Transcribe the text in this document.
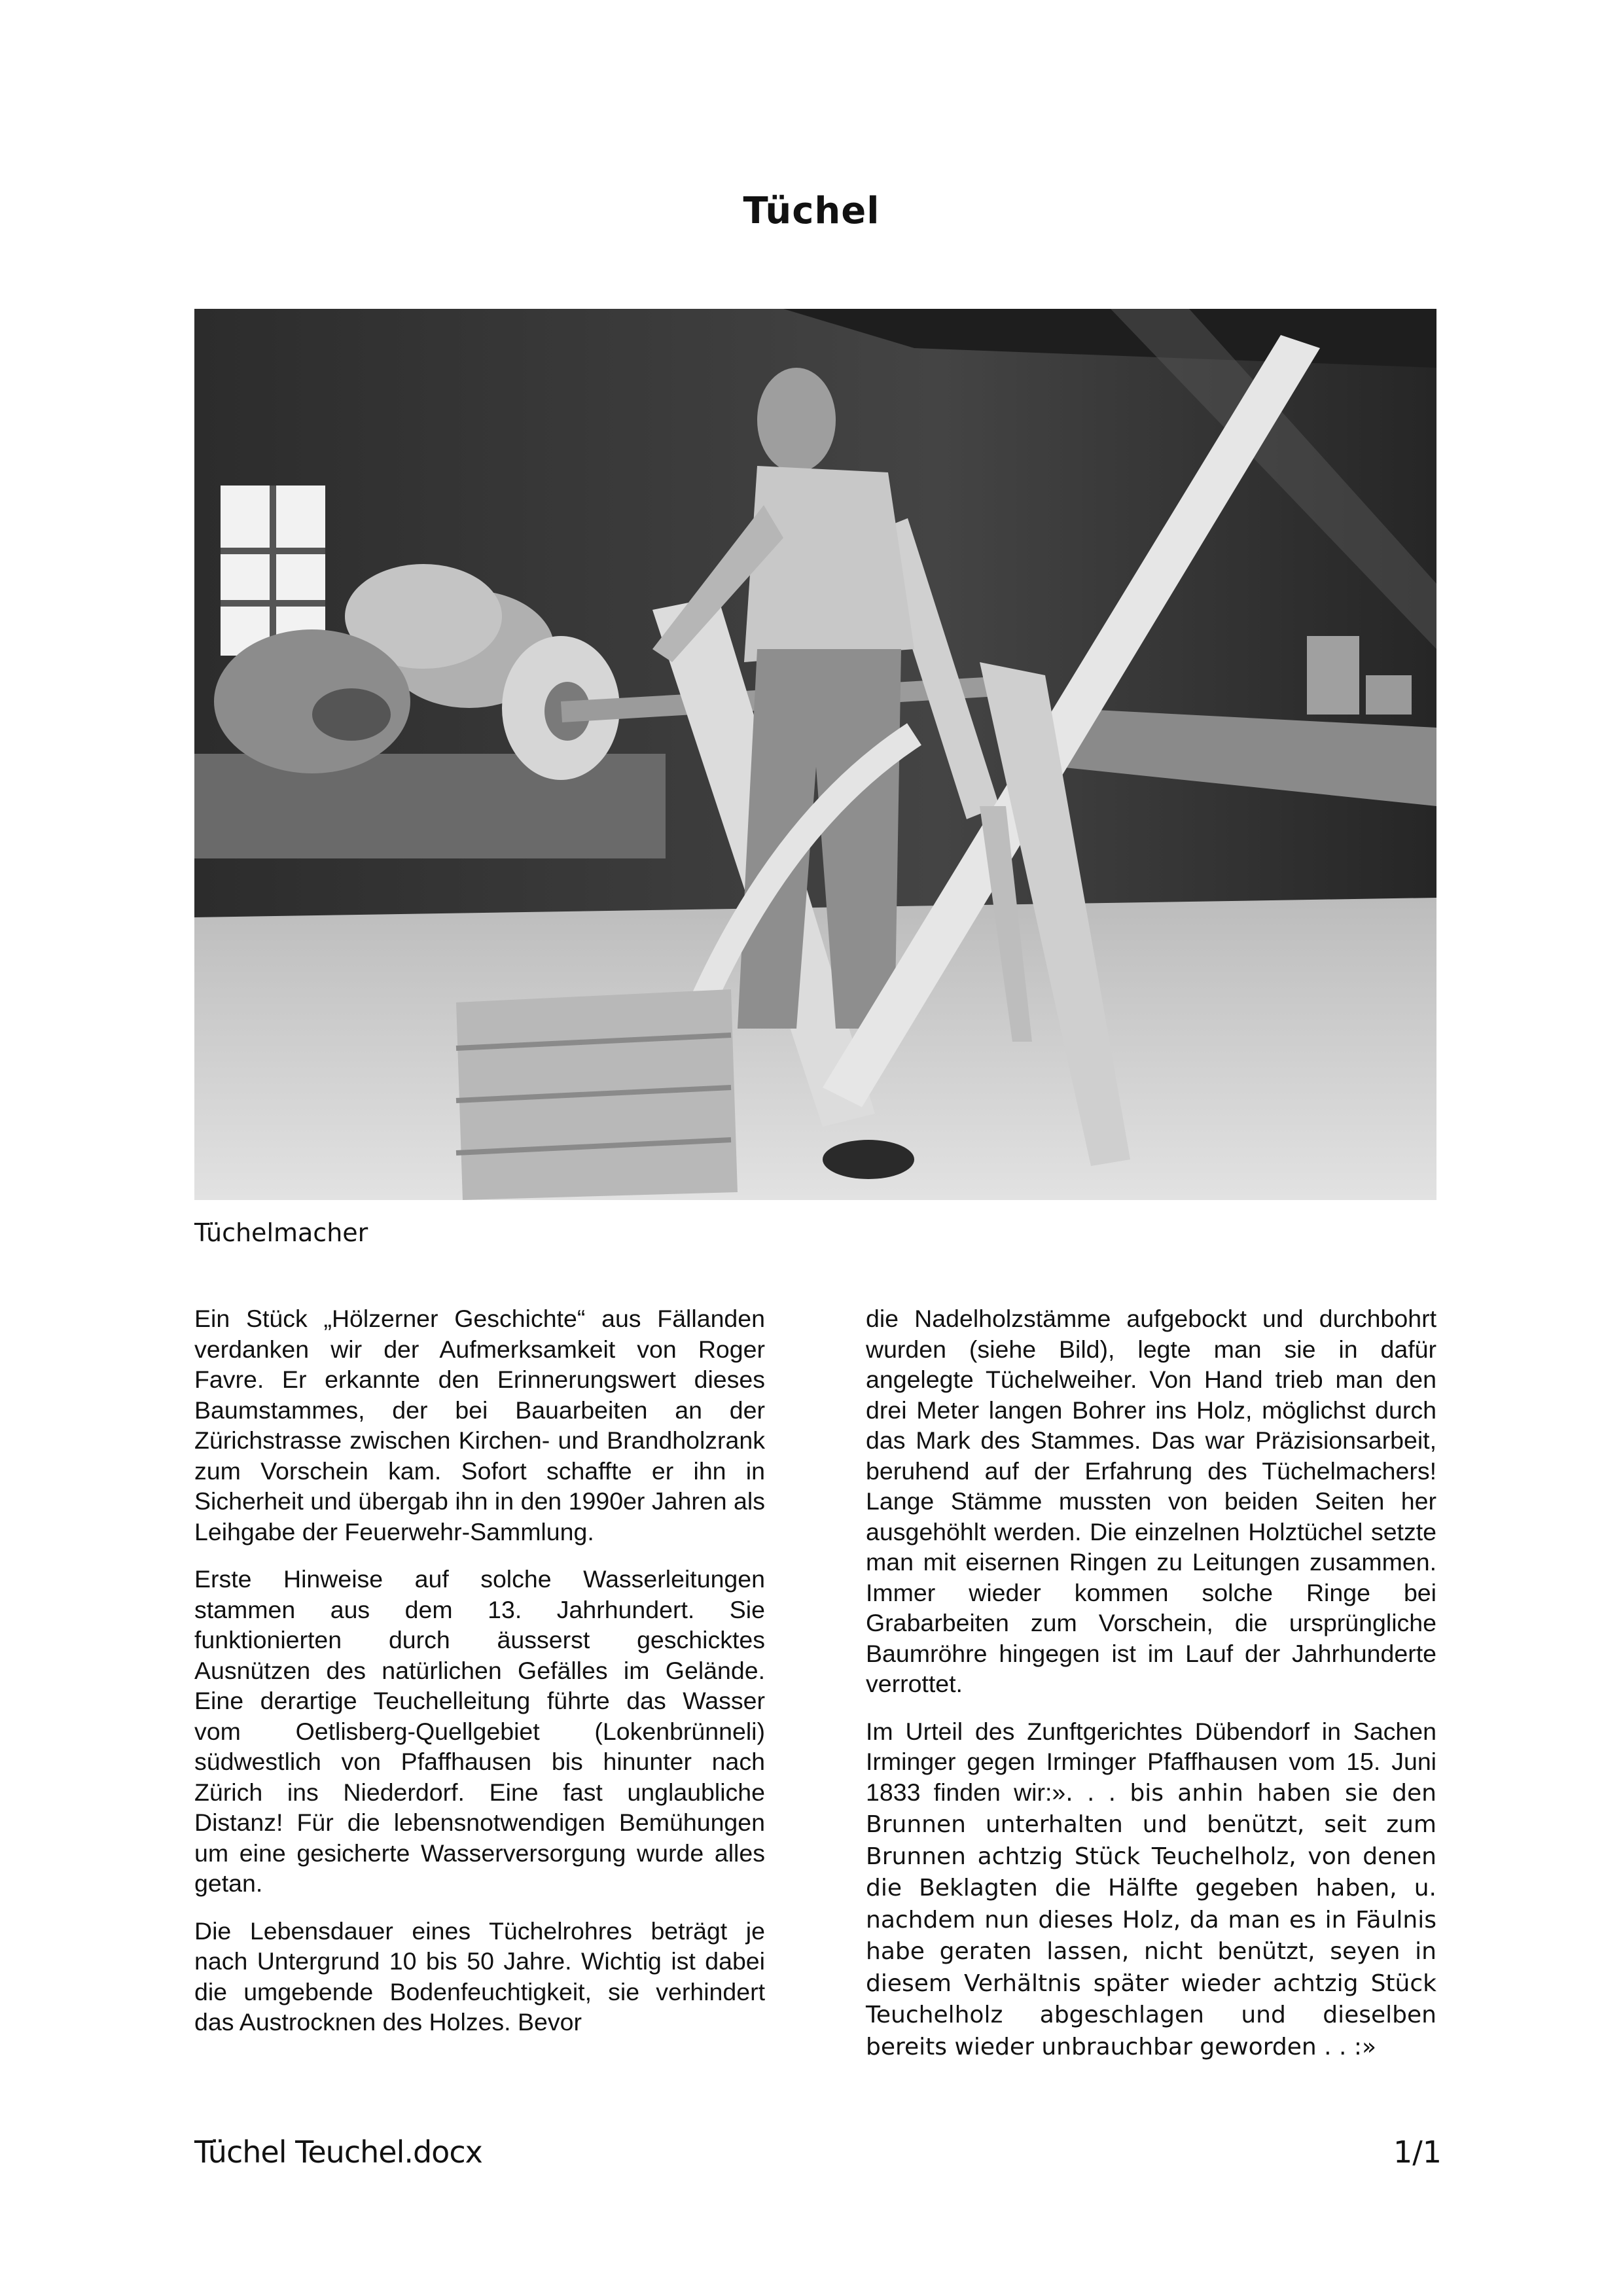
Tüchel
Tüchelmacher

Ein Stück „Hölzerner Geschichte“ aus Fällanden verdanken wir der Aufmerksamkeit von Roger Favre. Er erkannte den Erinnerungswert dieses Baumstammes, der bei Bauarbeiten an der Zürichstrasse zwischen Kirchen- und Brandholzrank zum Vorschein kam. Sofort schaffte er ihn in Sicherheit und übergab ihn in den 1990er Jahren als Leihgabe der Feuerwehr-Sammlung.

Erste Hinweise auf solche Wasserleitungen stammen aus dem 13. Jahrhundert. Sie funktionierten durch äusserst geschicktes Ausnützen des natürlichen Gefälles im Gelände. Eine derartige Teuchelleitung führte das Wasser vom Oetlisberg-Quellgebiet (Lokenbrünneli) südwestlich von Pfaffhausen bis hinunter nach Zürich ins Niederdorf. Eine fast unglaubliche Distanz! Für die lebensnotwendigen Bemühungen um eine gesicherte Wasserversorgung wurde alles getan.

Die Lebensdauer eines Tüchelrohres beträgt je nach Untergrund 10 bis 50 Jahre. Wichtig ist dabei die umgebende Bodenfeuchtigkeit, sie verhindert das Austrocknen des Holzes. Bevor

die Nadelholzstämme aufgebockt und durchbohrt wurden (siehe Bild), legte man sie in dafür angelegte Tüchelweiher. Von Hand trieb man den drei Meter langen Bohrer ins Holz, möglichst durch das Mark des Stammes. Das war Präzisionsarbeit, beruhend auf der Erfahrung des Tüchelmachers! Lange Stämme mussten von beiden Seiten her ausgehöhlt werden. Die einzelnen Holztüchel setzte man mit eisernen Ringen zu Leitungen zusammen. Immer wieder kommen solche Ringe bei Grabarbeiten zum Vorschein, die ursprüngliche Baumröhre hingegen ist im Lauf der Jahrhunderte verrottet.

Im Urteil des Zunftgerichtes Dübendorf in Sachen Irminger gegen Irminger Pfaffhausen vom 15. Juni 1833 finden wir:». . . bis anhin haben sie den Brunnen unterhalten und benützt, seit zum Brunnen achtzig Stück Teuchelholz, von denen die Beklagten die Hälfte gegeben haben, u. nachdem nun dieses Holz, da man es in Fäulnis habe geraten lassen, nicht benützt, seyen in diesem Verhältnis später wieder achtzig Stück Teuchelholz abgeschlagen und dieselben bereits wieder unbrauchbar geworden . . :»

Tüchel Teuchel.docx	1/1
